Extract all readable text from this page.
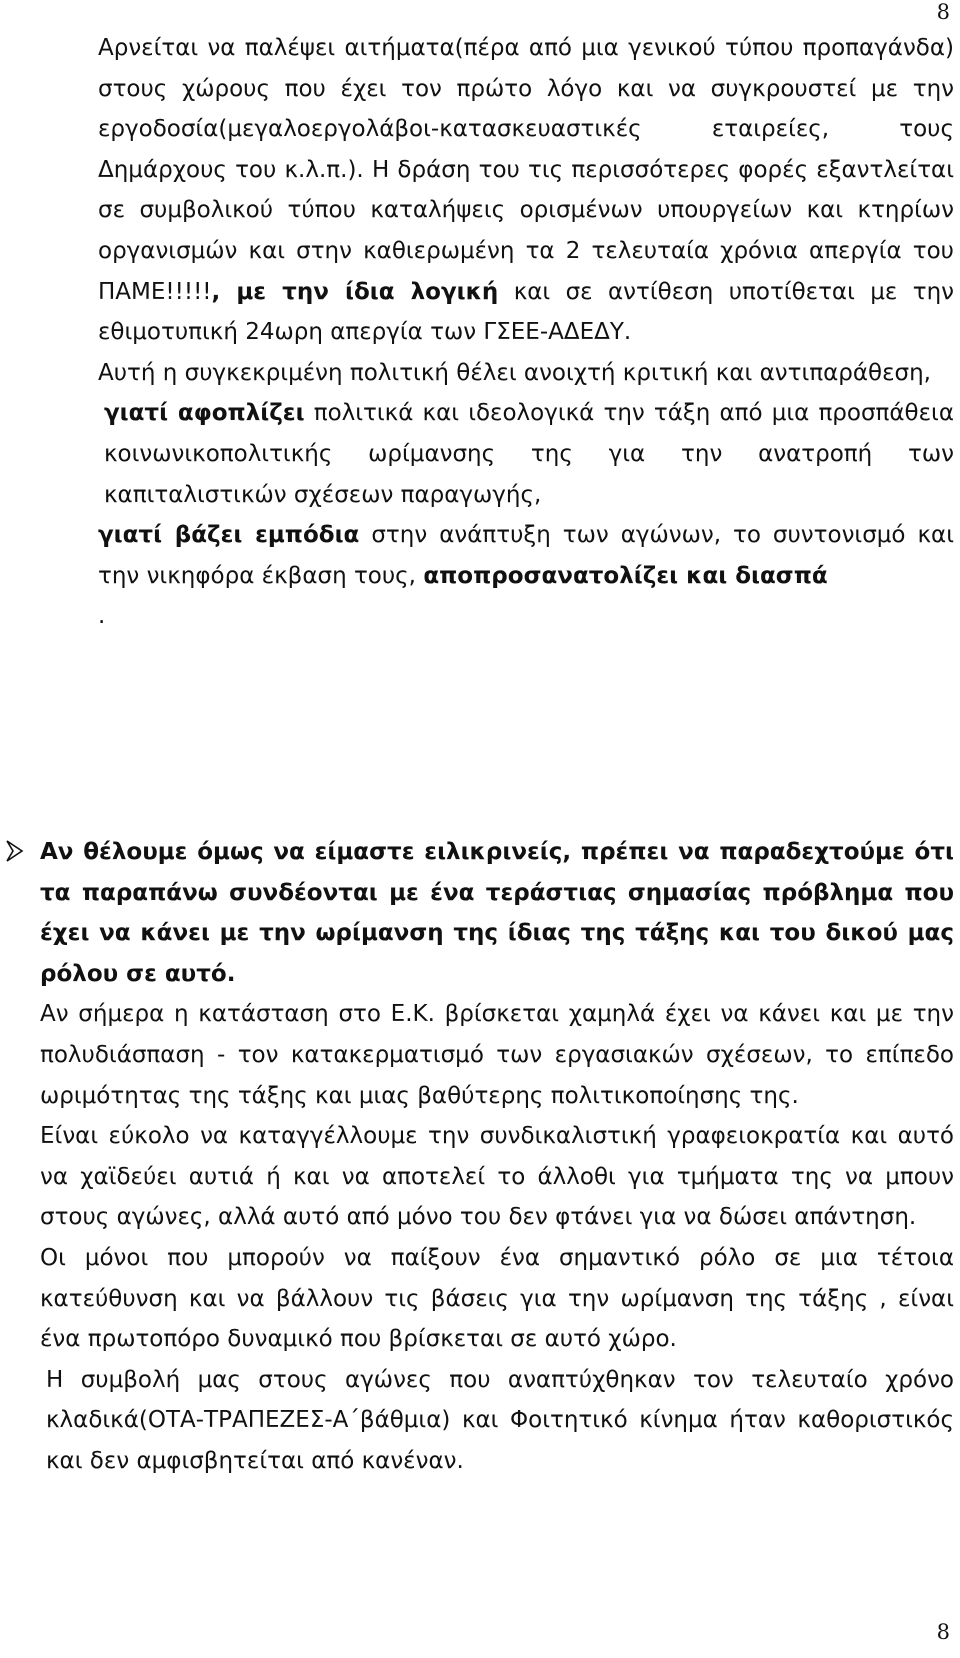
8

Αρνείται να παλέψει αιτήματα(πέρα από μια γενικού τύπου προπαγάνδα) στους χώρους που έχει τον πρώτο λόγο και να συγκρουστεί με την εργοδοσία(μεγαλοεργολάβοι-κατασκευαστικές εταιρείες, τους Δημάρχους του κ.λ.π.). Η δράση του τις περισσότερες φορές εξαντλείται σε συμβολικού τύπου καταλήψεις ορισμένων υπουργείων και κτηρίων οργανισμών και στην καθιερωμένη τα 2 τελευταία χρόνια απεργία του ΠΑΜΕ!!!!!, με την ίδια λογική και σε αντίθεση υποτίθεται με την εθιμοτυπική 24ωρη απεργία των ΓΣΕΕ-ΑΔΕΔΥ.

Αυτή η συγκεκριμένη πολιτική θέλει ανοιχτή κριτική και αντιπαράθεση,

γιατί αφοπλίζει πολιτικά και ιδεολογικά την τάξη από μια προσπάθεια κοινωνικοπολιτικής ωρίμανσης της για την ανατροπή των καπιταλιστικών σχέσεων παραγωγής,

γιατί βάζει εμπόδια στην ανάπτυξη των αγώνων, το συντονισμό και την νικηφόρα έκβαση τους, αποπροσανατολίζει και διασπά

.

Αν θέλουμε όμως να είμαστε ειλικρινείς, πρέπει να παραδεχτούμε ότι τα παραπάνω συνδέονται με ένα τεράστιας σημασίας πρόβλημα που έχει να κάνει με την ωρίμανση της ίδιας της τάξης και του δικού μας ρόλου σε αυτό.

Αν σήμερα η κατάσταση στο Ε.Κ. βρίσκεται χαμηλά έχει να κάνει και με την πολυδιάσπαση - τον κατακερματισμό των εργασιακών σχέσεων, το επίπεδο ωριμότητας της τάξης και μιας βαθύτερης πολιτικοποίησης της.

Είναι εύκολο να καταγγέλλουμε την συνδικαλιστική γραφειοκρατία και αυτό να χαϊδεύει αυτιά ή και να αποτελεί το άλλοθι για τμήματα της να μπουν στους αγώνες, αλλά αυτό από μόνο του δεν φτάνει για να δώσει απάντηση.

Οι μόνοι που μπορούν να παίξουν ένα σημαντικό ρόλο σε μια τέτοια κατεύθυνση και να βάλλουν τις βάσεις για την ωρίμανση της τάξης , είναι ένα πρωτοπόρο δυναμικό που βρίσκεται σε αυτό χώρο.

Η συμβολή μας στους αγώνες που αναπτύχθηκαν τον τελευταίο χρόνο κλαδικά(ΟΤΑ-ΤΡΑΠΕΖΕΣ-Α΄βάθμια) και Φοιτητικό κίνημα ήταν καθοριστικός και δεν αμφισβητείται από κανέναν.

8
